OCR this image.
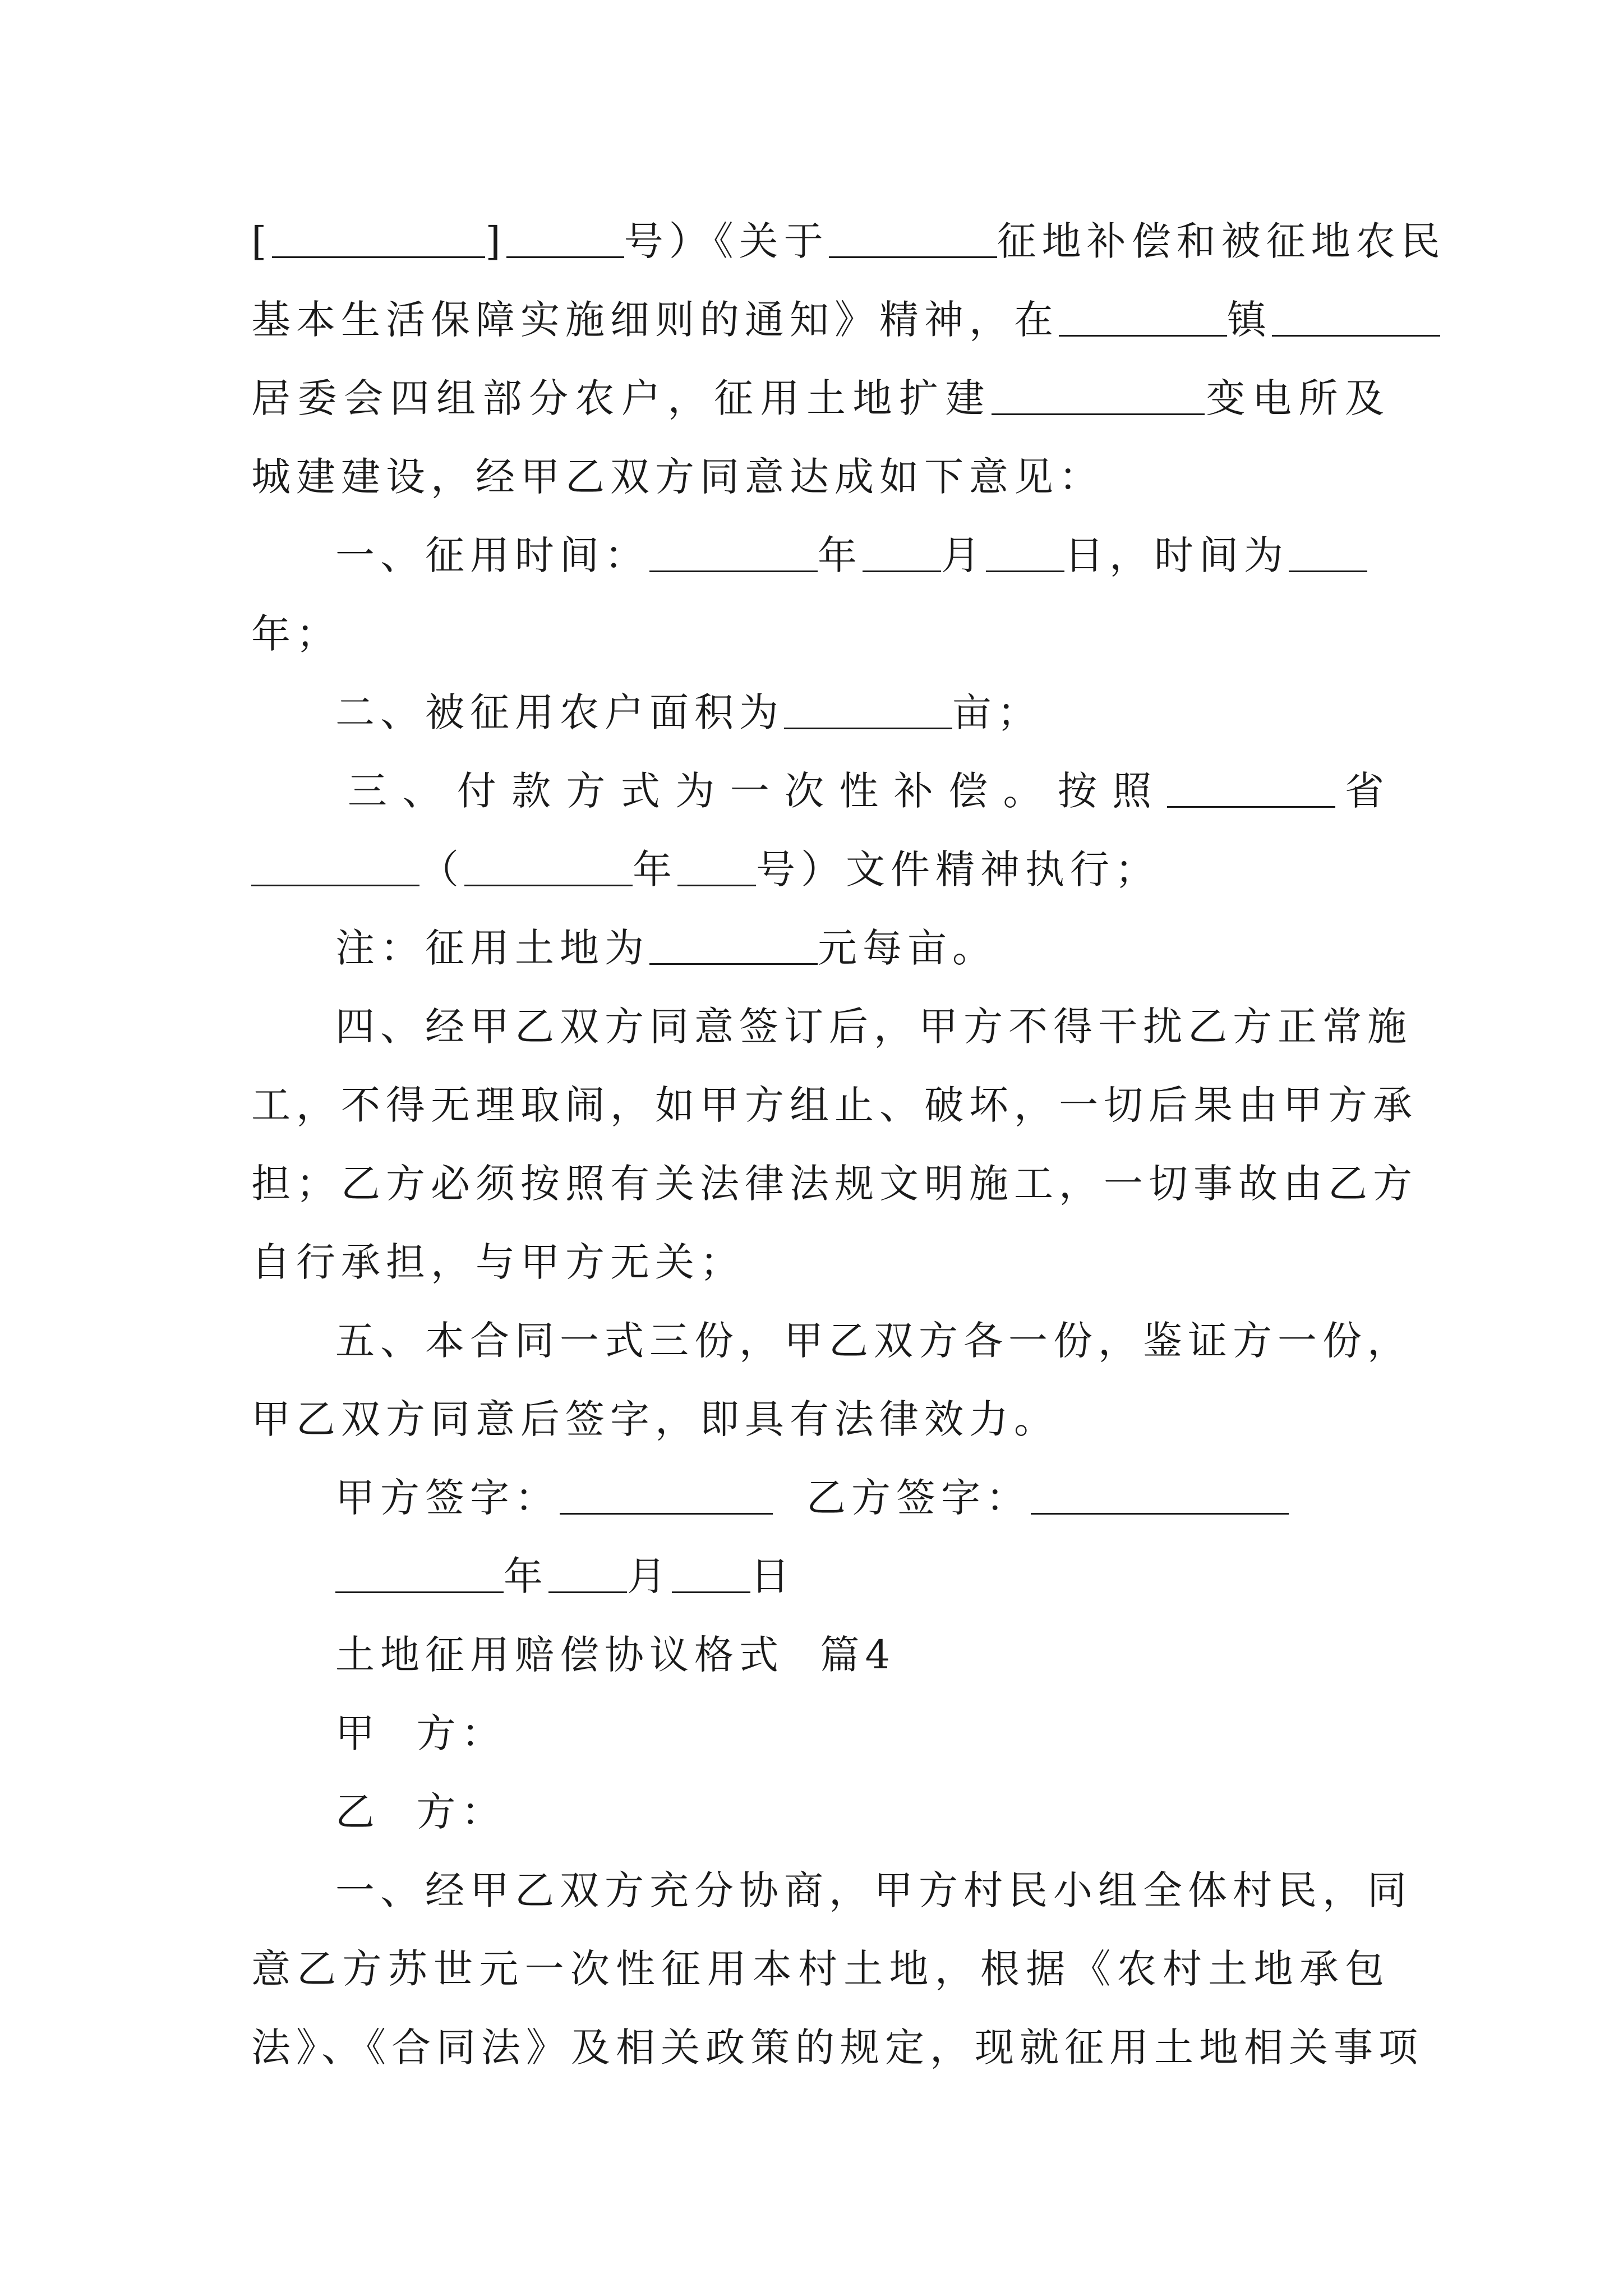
[	]	号）《关于	征地补偿和被征地农民
基本生活保障实施细则的通知》精神，在	镇
居委会四组部分农户，征用土地扩建	变电所及
城建建设，经甲乙双方同意达成如下意见：
一、征用时间：	年 月 日，时间为
年；
二、被征用农户面积为	亩；
三、付款方式为一次性补偿。按照	省
（	年 号）文件精神执行；
注：征用土地为	元每亩。
四、经甲乙双方同意签订后，甲方不得干扰乙方正常施
工，不得无理取闹，如甲方组止、破坏，一切后果由甲方承
担；乙方必须按照有关法律法规文明施工，一切事故由乙方
自行承担，与甲方无关；
五、本合同一式三份，甲乙双方各一份，鉴证方一份，
甲乙双方同意后签字，即具有法律效力。
甲方签字：	乙方签字：
年 月 日
土地征用赔偿协议格式  篇4
甲  方：
乙  方：
一、经甲乙双方充分协商，甲方村民小组全体村民，同
意乙方苏世元一次性征用本村土地，根据《农村土地承包
法》、《合同法》及相关政策的规定，现就征用土地相关事项
